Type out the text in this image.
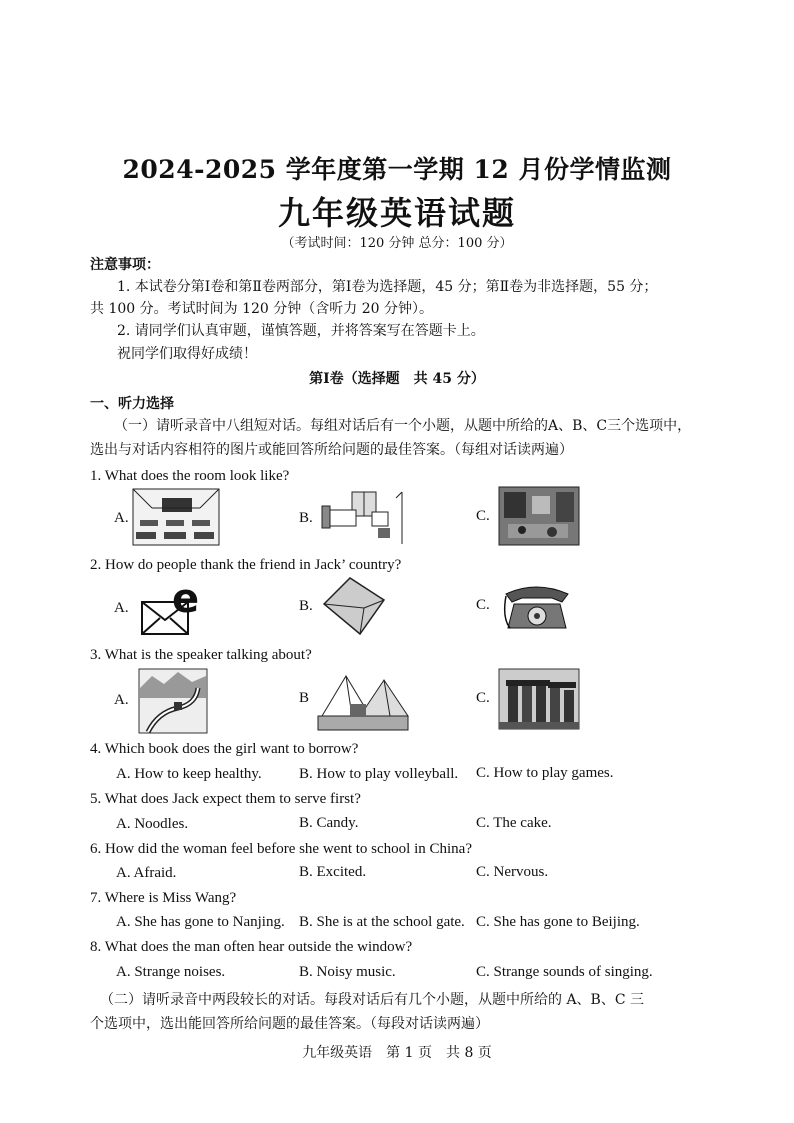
2024-2025 学年度第一学期 12 月份学情监测
九年级英语试题
（考试时间：120 分钟 总分：100 分）
注意事项：
1. 本试卷分第Ⅰ卷和第Ⅱ卷两部分，第Ⅰ卷为选择题，45 分；第Ⅱ卷为非选择题，55 分；
共 100 分。考试时间为 120 分钟（含听力 20 分钟）。
2. 请同学们认真审题，谨慎答题，并将答案写在答题卡上。
祝同学们取得好成绩！
第Ⅰ卷（选择题　共 45 分）
一、听力选择
（一）请听录音中八组短对话。每组对话后有一个小题，从题中所给的A、B、C三个选项中，
选出与对话内容相符的图片或能回答所给问题的最佳答案。（每组对话读两遍）
1. What does the room look like?
A.	B.	C.
2. How do people thank the friend in Jack’ country?
A. e	B.	C.
3. What is the speaker talking about?
A.	B	C.
4. Which book does the girl want to borrow?
A. How to keep healthy. B. How to play volleyball. C. How to play games.
5. What does Jack expect them to serve first?
A. Noodles.	B. Candy.	C. The cake.
6. How did the woman feel before she went to school in China?
A. Afraid.	B. Excited.	C. Nervous.
7. Where is Miss Wang?
A. She has gone to Nanjing. B. She is at the school gate. C. She has gone to Beijing.
8. What does the man often hear outside the window?
A. Strange noises.	B. Noisy music.	C. Strange sounds of singing.
（二）请听录音中两段较长的对话。每段对话后有几个小题，从题中所给的 A、B、C 三
个选项中，选出能回答所给问题的最佳答案。（每段对话读两遍）
九年级英语　第 1 页　共 8 页
